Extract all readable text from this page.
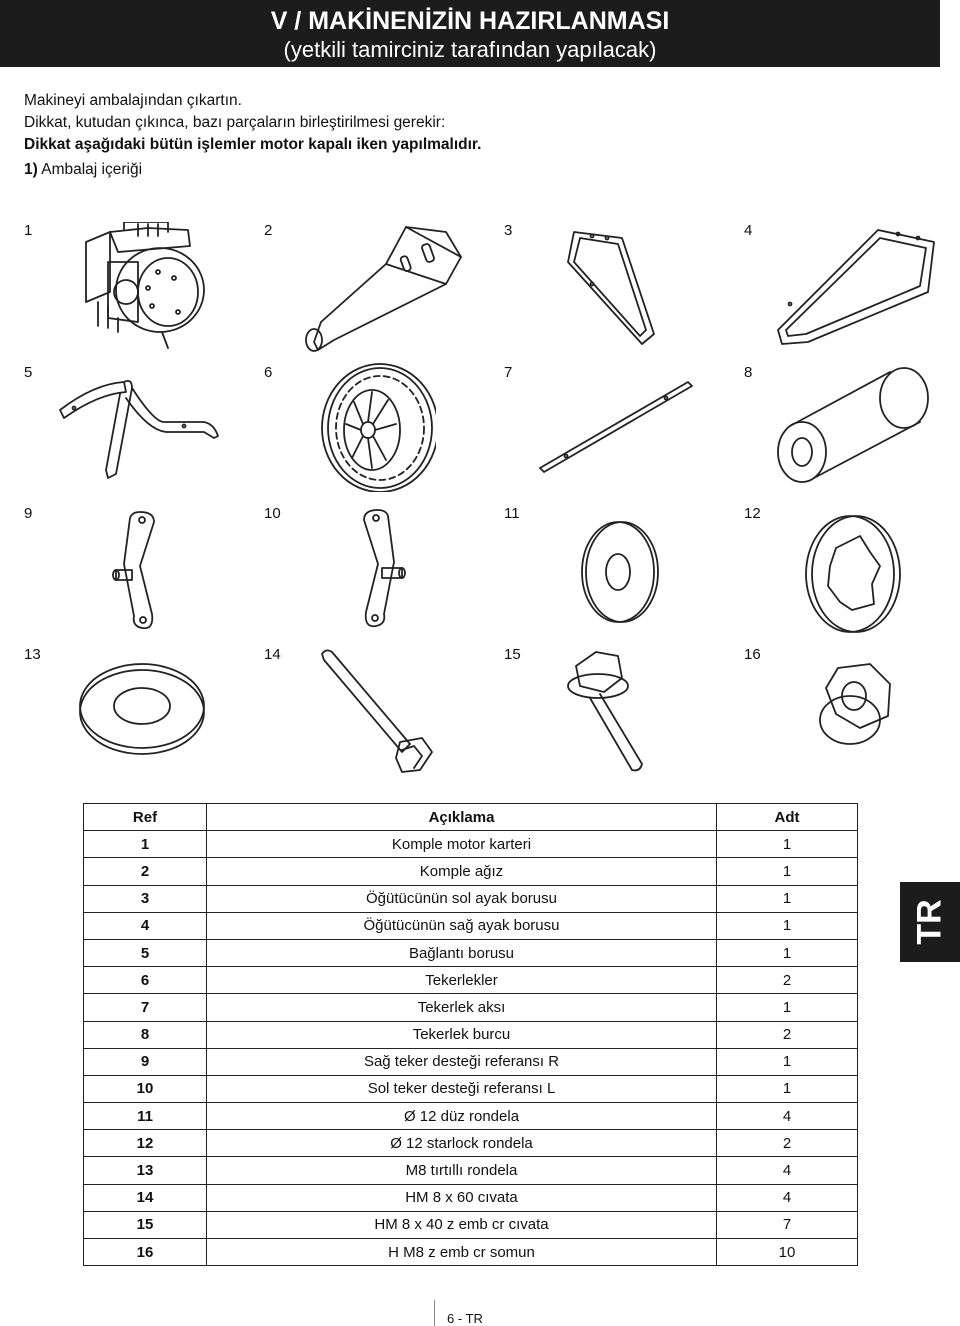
V / MAKİNENİZİN HAZIRLANMASI
(yetkili tamirciniz tarafından yapılacak)
Makineyi ambalajından çıkartın.
Dikkat, kutudan çıkınca, bazı parçaların birleştirilmesi gerekir:
Dikkat aşağıdaki bütün işlemler motor kapalı iken yapılmalıdır.
1) Ambalaj içeriği
1	2	3	4
5	6	7	8
9	10	11	12
13	14	15	16
Ref	Açıklama	Adt
1	Komple motor karteri	1
2	Komple ağız	1
3	Öğütücünün sol ayak borusu	1
4	Öğütücünün sağ ayak borusu	1
5	Bağlantı borusu	1
6	Tekerlekler	2
7	Tekerlek aksı	1
8	Tekerlek burcu	2
9	Sağ teker desteği referansı R	1
10	Sol teker desteği referansı L	1
11	Ø 12 düz rondela	4
12	Ø 12 starlock rondela	2
13	M8 tırtıllı rondela	4
14	HM 8 x 60 cıvata	4
15	HM 8 x 40 z emb cr cıvata	7
16	H M8 z emb cr somun	10
TR
6 - TR
